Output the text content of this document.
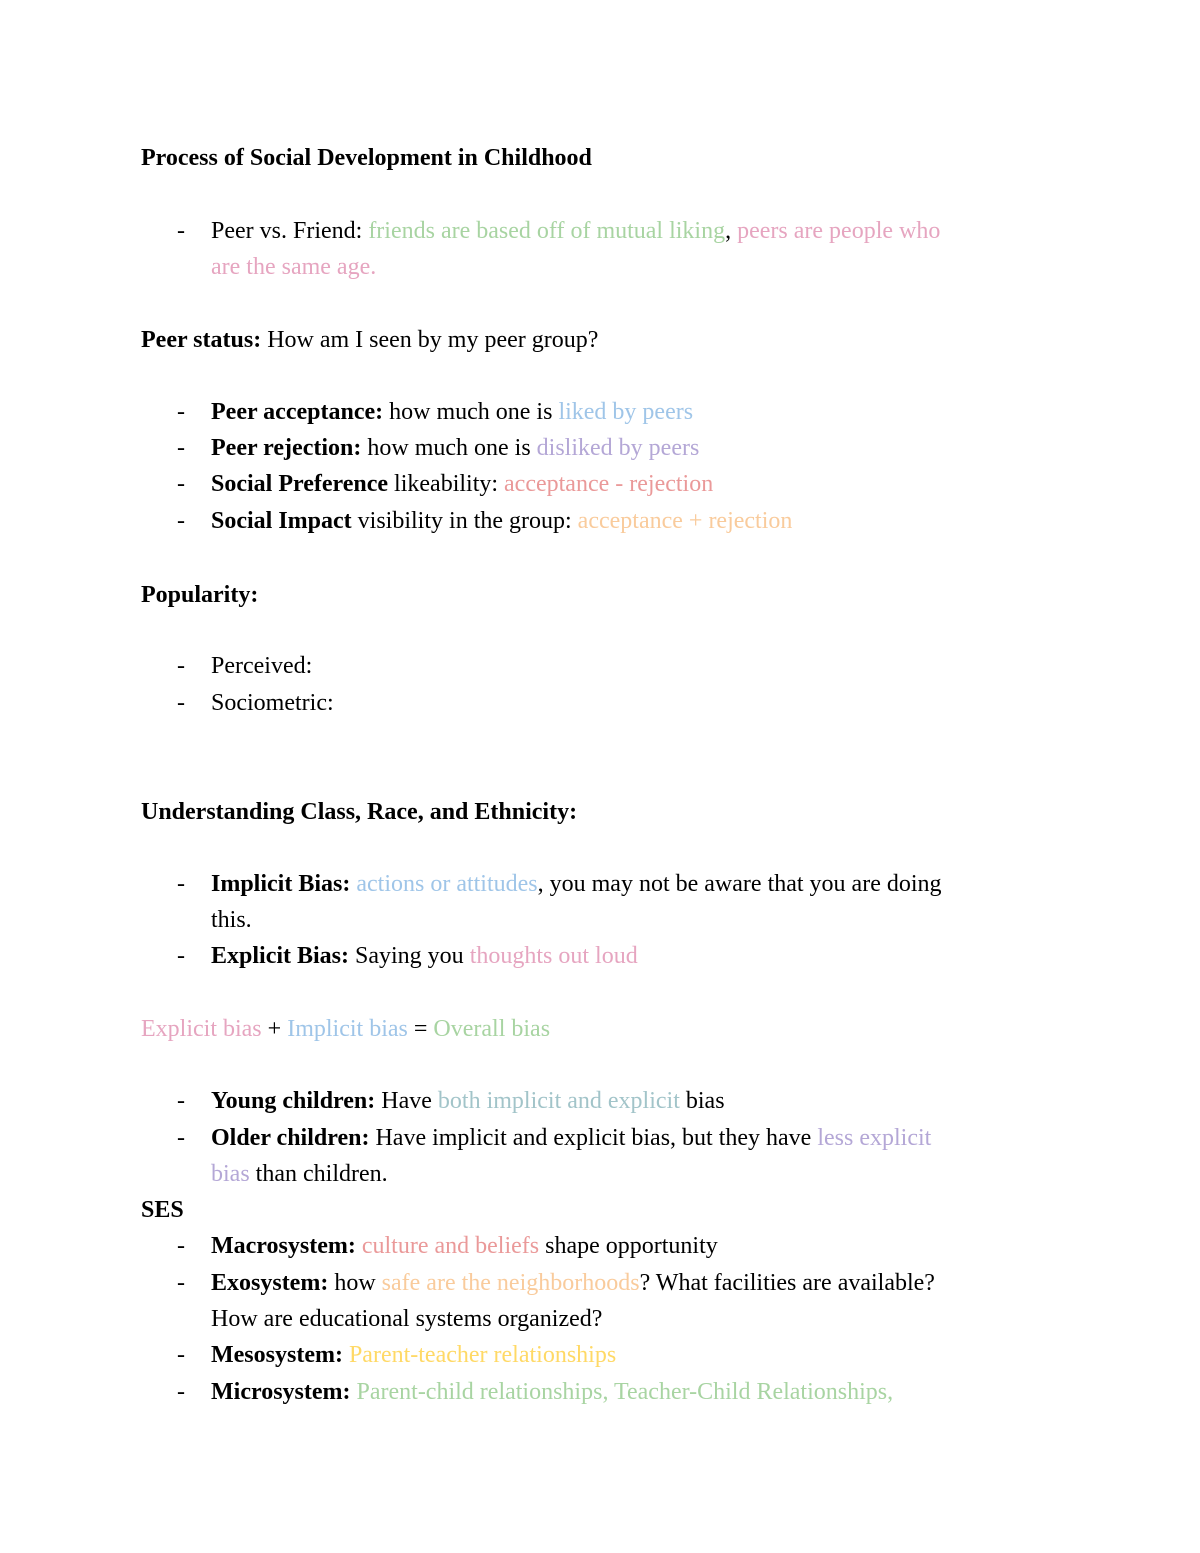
Process of Social Development in Childhood
- Peer vs. Friend: friends are based off of mutual liking, peers are people who
are the same age.
Peer status: How am I seen by my peer group?
- Peer acceptance: how much one is liked by peers
- Peer rejection: how much one is disliked by peers
- Social Preference likeability: acceptance - rejection
- Social Impact visibility in the group: acceptance + rejection
Popularity:
- Perceived:
- Sociometric:
Understanding Class, Race, and Ethnicity:
- Implicit Bias: actions or attitudes, you may not be aware that you are doing
this.
- Explicit Bias: Saying you thoughts out loud
Explicit bias + Implicit bias = Overall bias
- Young children: Have both implicit and explicit bias
- Older children: Have implicit and explicit bias, but they have less explicit
bias than children.
SES
- Macrosystem: culture and beliefs shape opportunity
- Exosystem: how safe are the neighborhoods? What facilities are available?
How are educational systems organized?
- Mesosystem: Parent-teacher relationships
- Microsystem: Parent-child relationships, Teacher-Child Relationships,
